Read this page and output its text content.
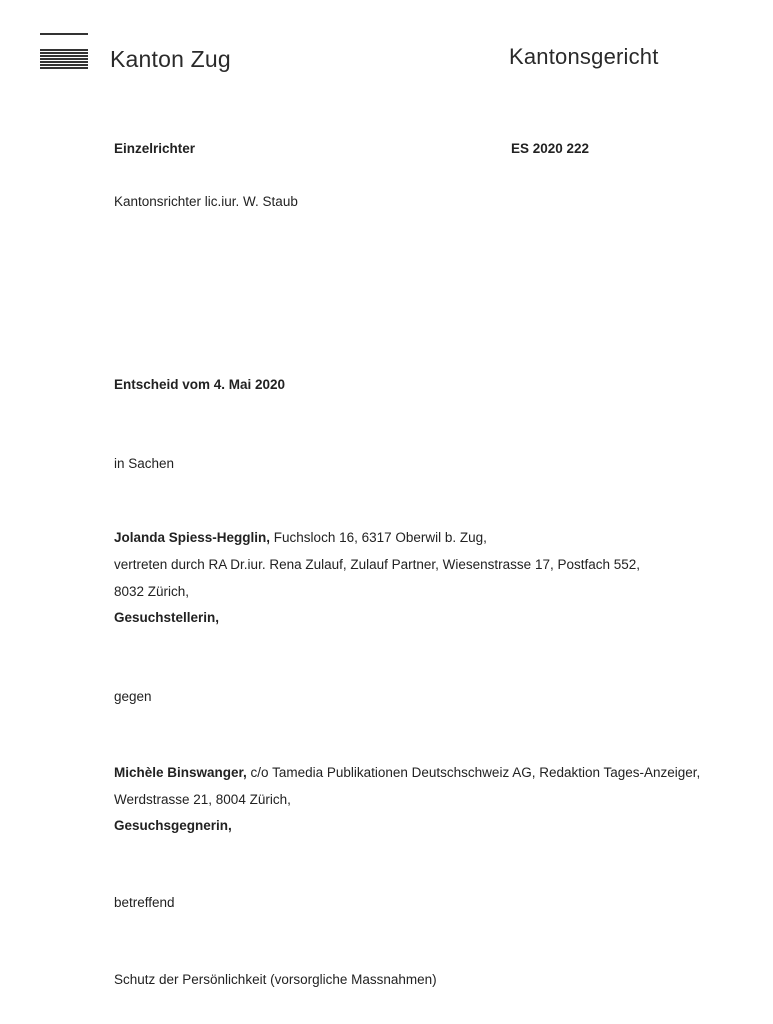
Kanton Zug	Kantonsgericht
Einzelrichter	ES 2020 222
Kantonsrichter lic.iur. W. Staub
Entscheid vom 4. Mai 2020
in Sachen
Jolanda Spiess-Hegglin, Fuchsloch 16, 6317 Oberwil b. Zug,
vertreten durch RA Dr.iur. Rena Zulauf, Zulauf Partner, Wiesenstrasse 17, Postfach 552,
8032 Zürich,
Gesuchstellerin,
gegen
Michèle Binswanger, c/o Tamedia Publikationen Deutschschweiz AG, Redaktion Tages-Anzeiger,
Werdstrasse 21, 8004 Zürich,
Gesuchsgegnerin,
betreffend
Schutz der Persönlichkeit (vorsorgliche Massnahmen)
